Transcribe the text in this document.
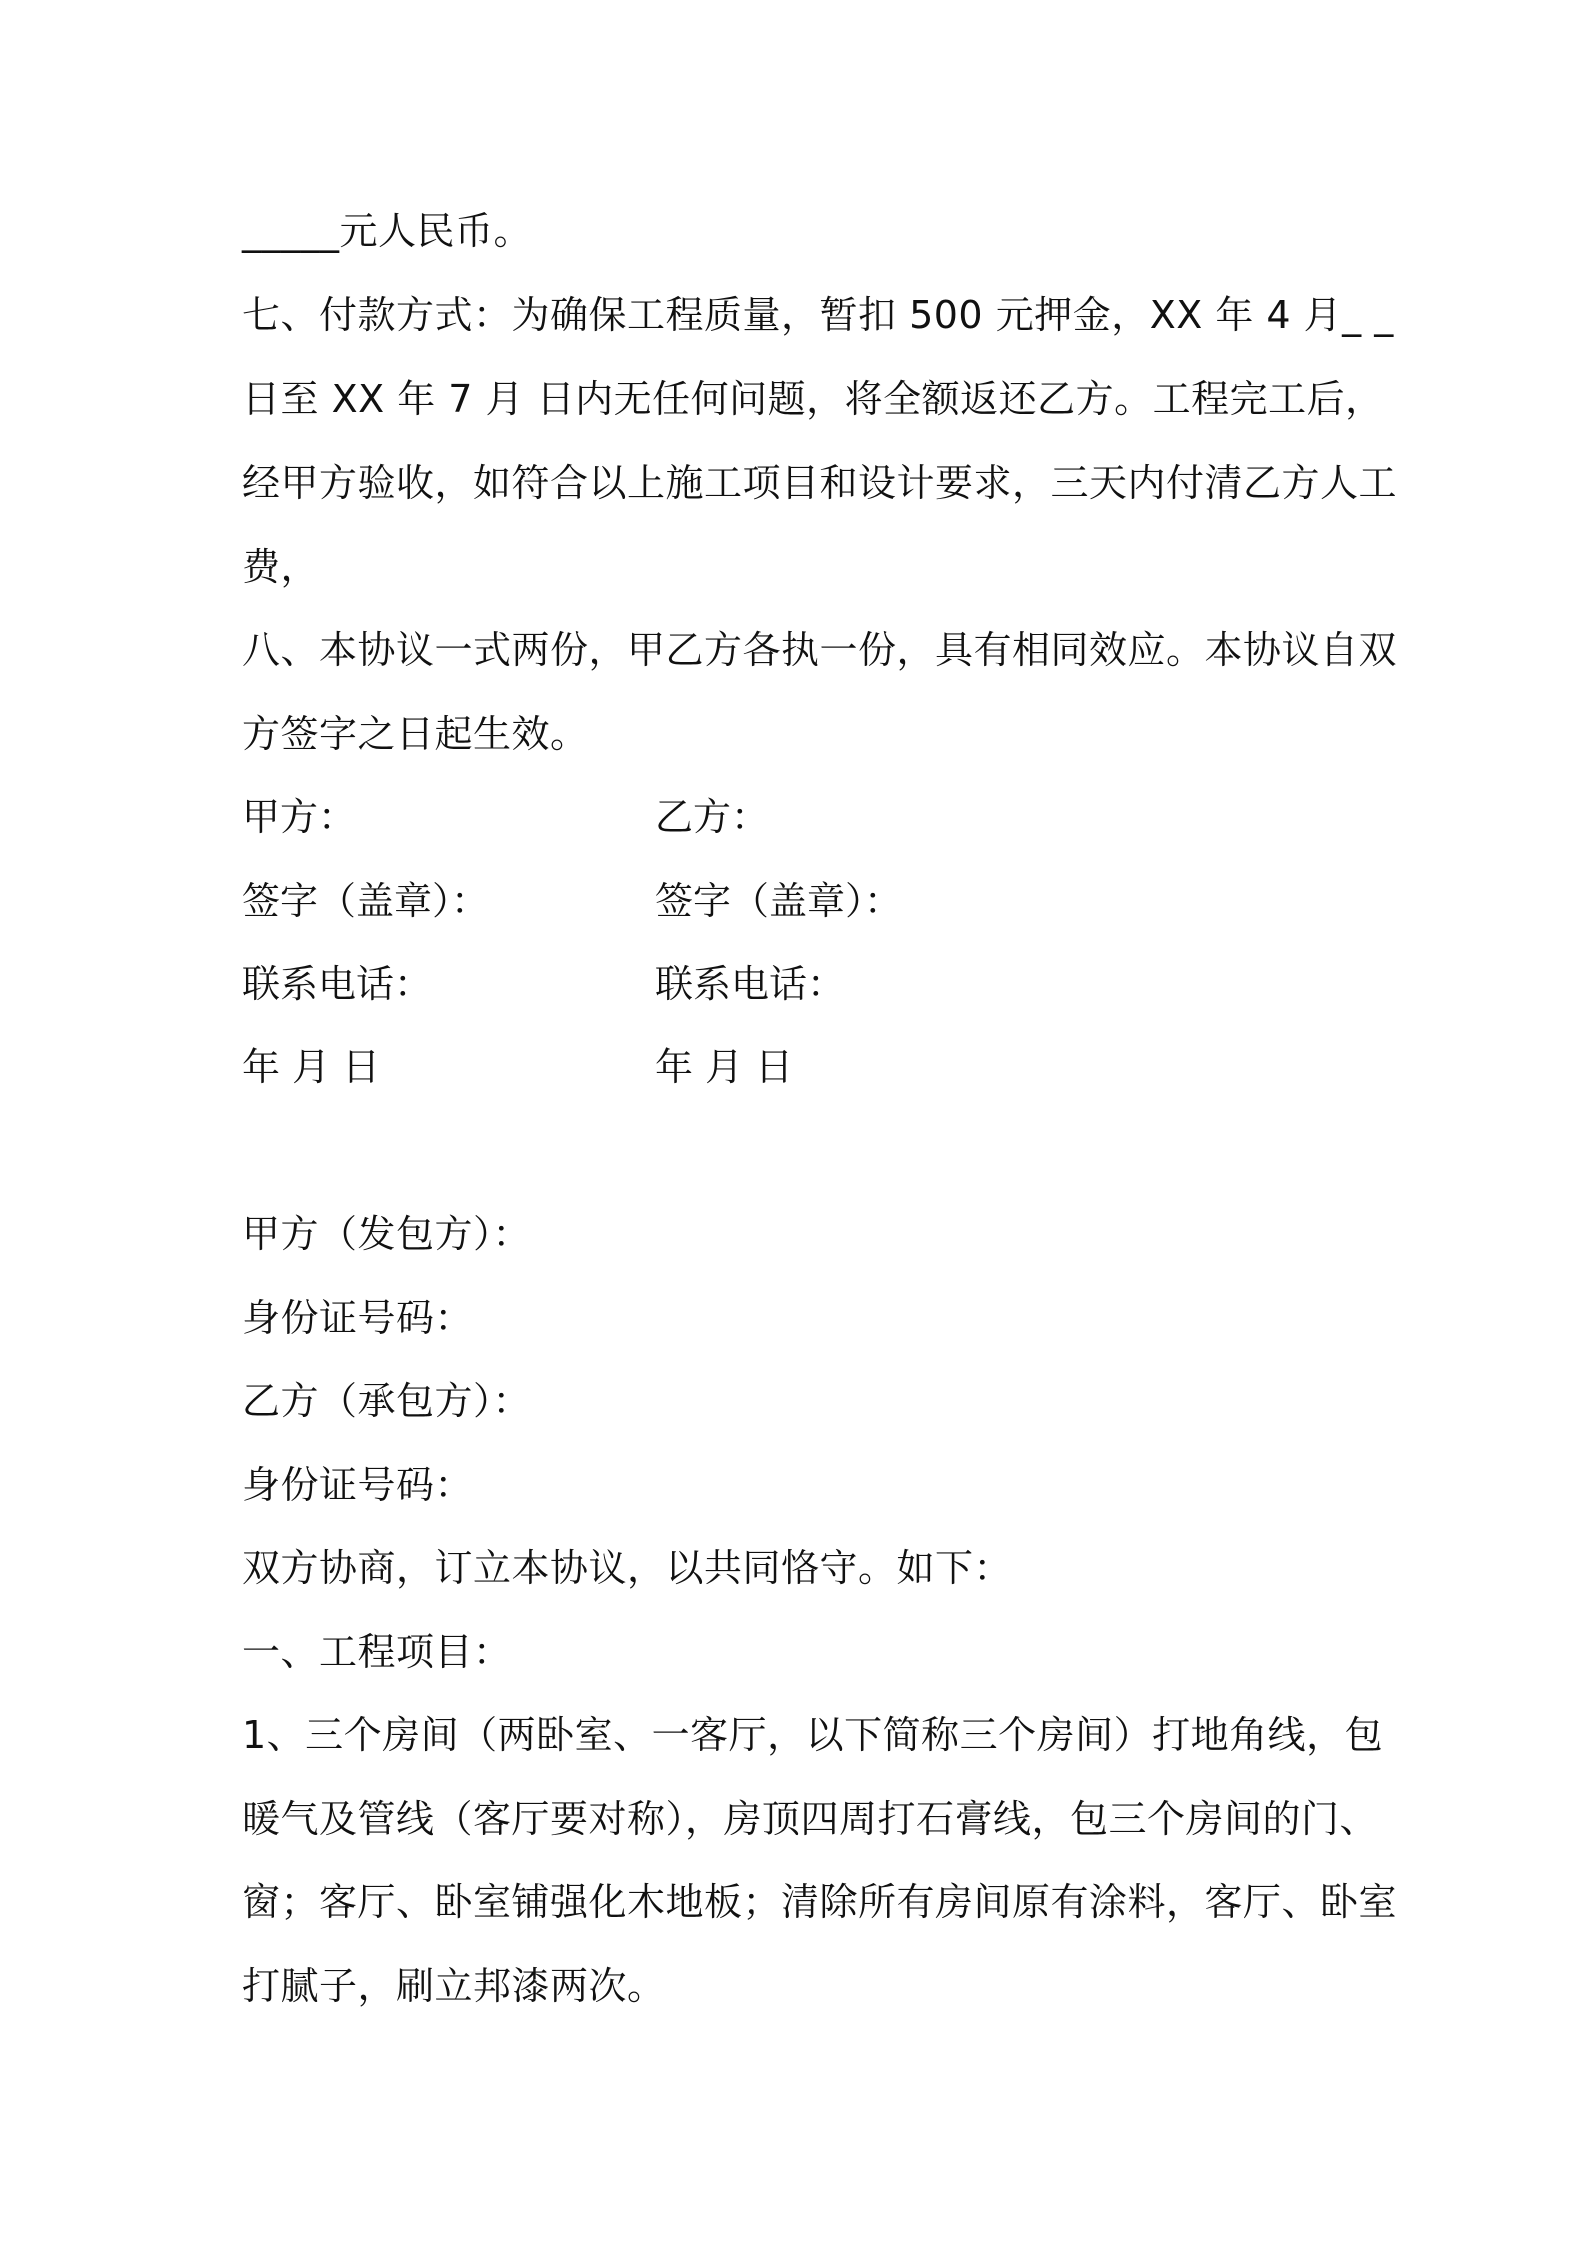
_____元人民币。
七、付款方式：为确保工程质量，暂扣 500 元押金，XX 年 4 月_ _
日至 XX 年 7 月 日内无任何问题，将全额返还乙方。工程完工后，
经甲方验收，如符合以上施工项目和设计要求，三天内付清乙方人工
费，
八、本协议一式两份，甲乙方各执一份，具有相同效应。本协议自双
方签字之日起生效。
甲方：	乙方：
签字（盖章）：	签字（盖章）：
联系电话：	联系电话：
年 月 日	年 月 日
甲方（发包方）：
身份证号码：
乙方（承包方）：
身份证号码：
双方协商，订立本协议，以共同恪守。如下：
一、工程项目：
1、三个房间（两卧室、一客厅，以下简称三个房间）打地角线，包
暖气及管线（客厅要对称），房顶四周打石膏线，包三个房间的门、
窗；客厅、卧室铺强化木地板；清除所有房间原有涂料，客厅、卧室
打腻子，刷立邦漆两次。
